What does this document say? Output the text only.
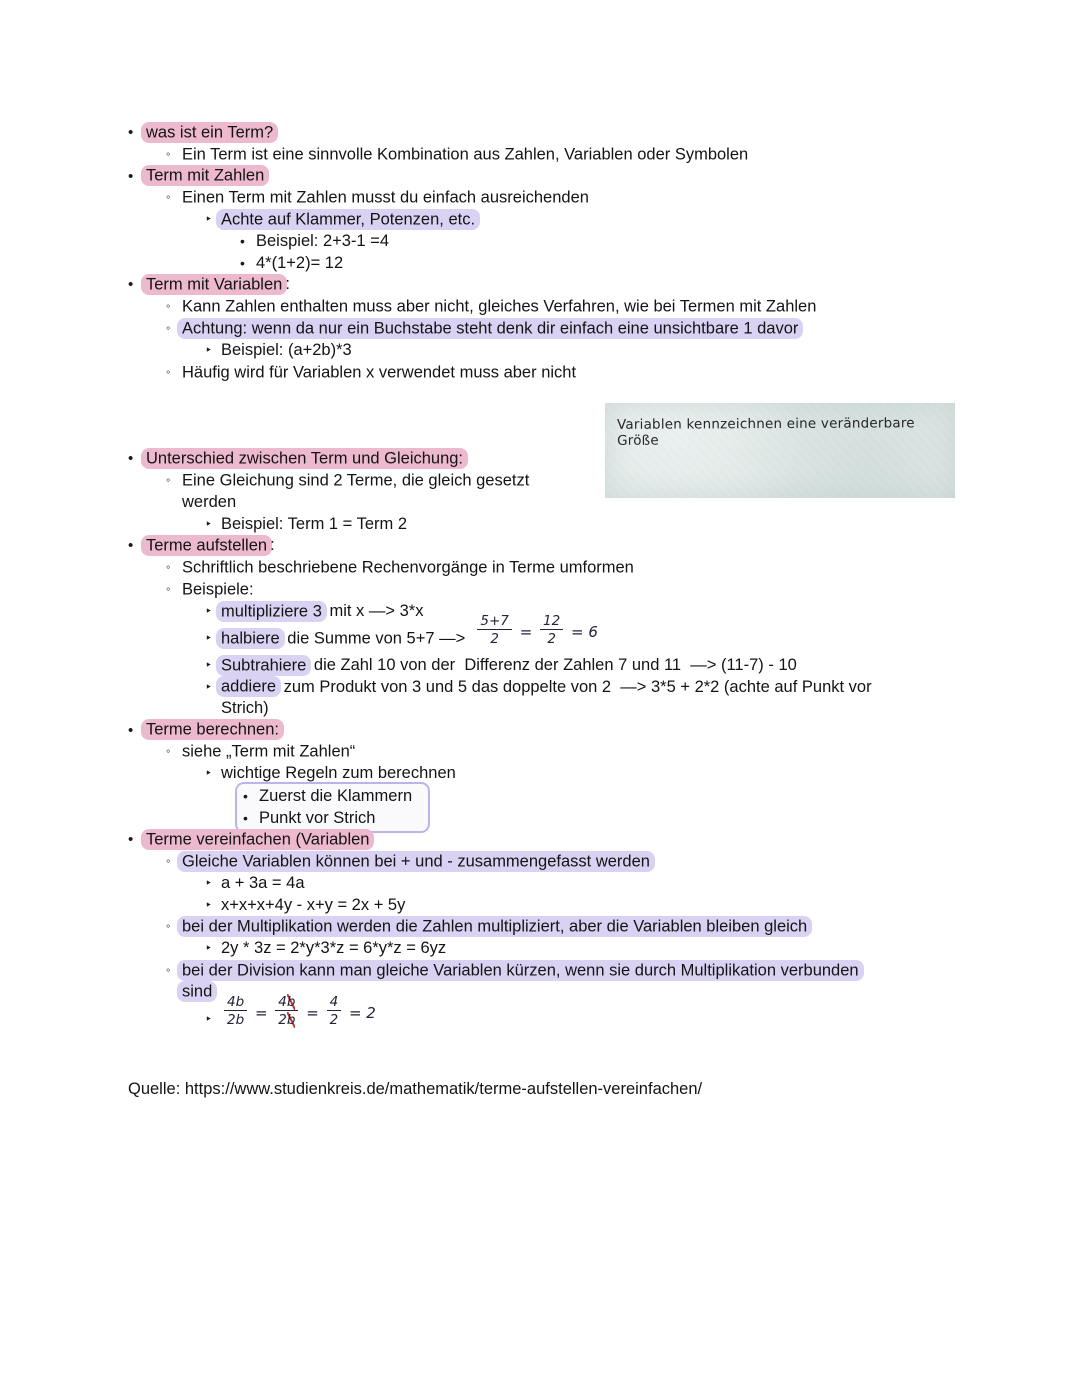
• was ist ein Term?
◦ Ein Term ist eine sinnvolle Kombination aus Zahlen, Variablen oder Symbolen
• Term mit Zahlen
◦ Einen Term mit Zahlen musst du einfach ausreichenden
‣ Achte auf Klammer, Potenzen, etc.
• Beispiel: 2+3-1 =4
• 4*(1+2)= 12
• Term mit Variablen :
◦ Kann Zahlen enthalten muss aber nicht, gleiches Verfahren, wie bei Termen mit Zahlen
◦ Achtung: wenn da nur ein Buchstabe steht denk dir einfach eine unsichtbare 1 davor
‣ Beispiel: (a+2b)*3
◦ Häufig wird für Variablen x verwendet muss aber nicht
• Unterschied zwischen Term und Gleichung:
◦ Eine Gleichung sind 2 Terme, die gleich gesetzt
werden
‣ Beispiel: Term 1 = Term 2
• Terme aufstellen :
◦ Schriftlich beschriebene Rechenvorgänge in Terme umformen
◦ Beispiele:
‣ multipliziere 3 mit x —> 3*x
‣ halbiere die Summe von 5+7 —> $\frac{5+7}{2} = \frac{12}{2} = 6$
‣ Subtrahiere die Zahl 10 von der  Differenz der Zahlen 7 und 11  —> (11-7) - 10
‣ addiere zum Produkt von 3 und 5 das doppelte von 2  —> 3*5 + 2*2 (achte auf Punkt vor
Strich)
• Terme berechnen:
◦ siehe „Term mit Zahlen“
‣ wichtige Regeln zum berechnen
• Zuerst die Klammern
• Punkt vor Strich
• Terme vereinfachen (Variablen
◦ Gleiche Variablen können bei + und - zusammengefasst werden
‣ a + 3a = 4a
‣ x+x+x+4y - x+y = 2x + 5y
◦ bei der Multiplikation werden die Zahlen multipliziert, aber die Variablen bleiben gleich
‣ 2y * 3z = 2*y*3*z = 6*y*z = 6yz
◦ bei der Division kann man gleiche Variablen kürzen, wenn sie durch Multiplikation verbunden
sind
‣ $\frac{4b}{2b} = \frac{4b}{2b} = \frac{4}{2} = 2$
Quelle: https://www.studienkreis.de/mathematik/terme-aufstellen-vereinfachen/
Variablen kennzeichnen eine veränderbare Größe
